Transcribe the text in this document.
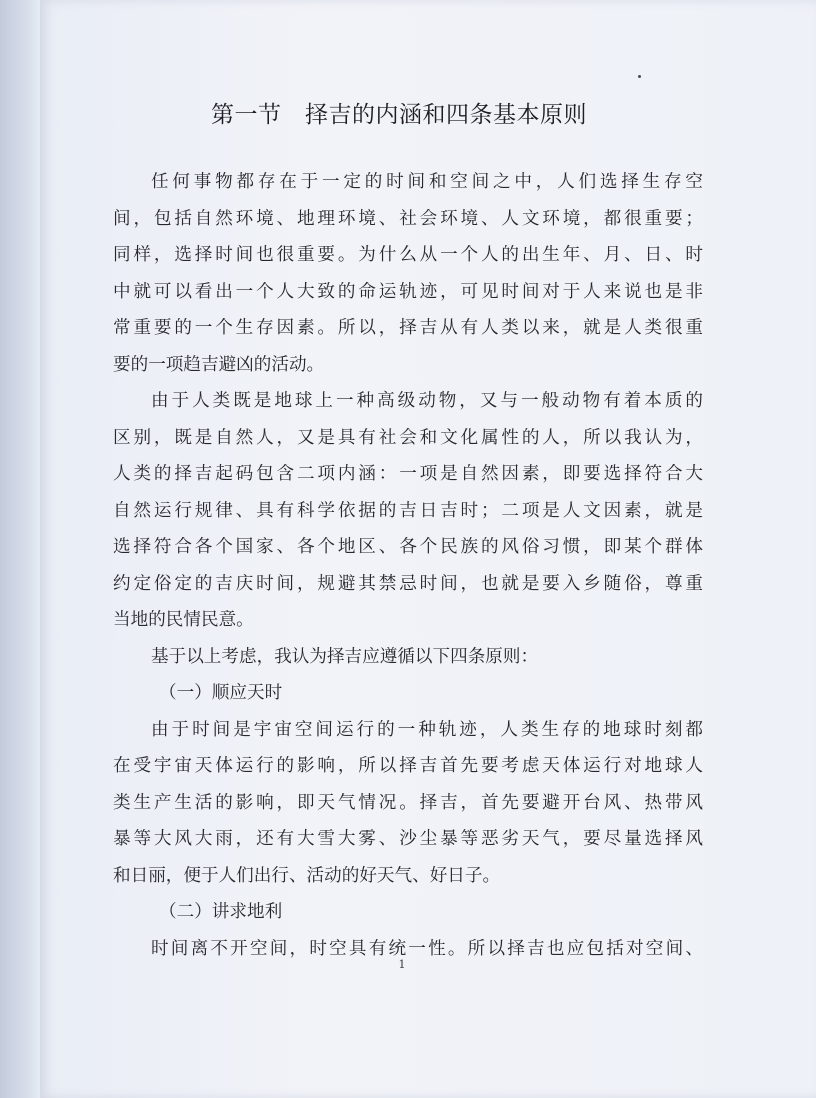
第一节　择吉的内涵和四条基本原则
任何事物都存在于一定的时间和空间之中，人们选择生存空
间，包括自然环境、地理环境、社会环境、人文环境，都很重要；
同样，选择时间也很重要。为什么从一个人的出生年、月、日、时
中就可以看出一个人大致的命运轨迹，可见时间对于人来说也是非
常重要的一个生存因素。所以，择吉从有人类以来，就是人类很重
要的一项趋吉避凶的活动。
由于人类既是地球上一种高级动物，又与一般动物有着本质的
区别，既是自然人，又是具有社会和文化属性的人，所以我认为，
人类的择吉起码包含二项内涵：一项是自然因素，即要选择符合大
自然运行规律、具有科学依据的吉日吉时；二项是人文因素，就是
选择符合各个国家、各个地区、各个民族的风俗习惯，即某个群体
约定俗定的吉庆时间，规避其禁忌时间，也就是要入乡随俗，尊重
当地的民情民意。
基于以上考虑，我认为择吉应遵循以下四条原则：
（一）顺应天时
由于时间是宇宙空间运行的一种轨迹，人类生存的地球时刻都
在受宇宙天体运行的影响，所以择吉首先要考虑天体运行对地球人
类生产生活的影响，即天气情况。择吉，首先要避开台风、热带风
暴等大风大雨，还有大雪大雾、沙尘暴等恶劣天气，要尽量选择风
和日丽，便于人们出行、活动的好天气、好日子。
（二）讲求地利
时间离不开空间，时空具有统一性。所以择吉也应包括对空间、
1
